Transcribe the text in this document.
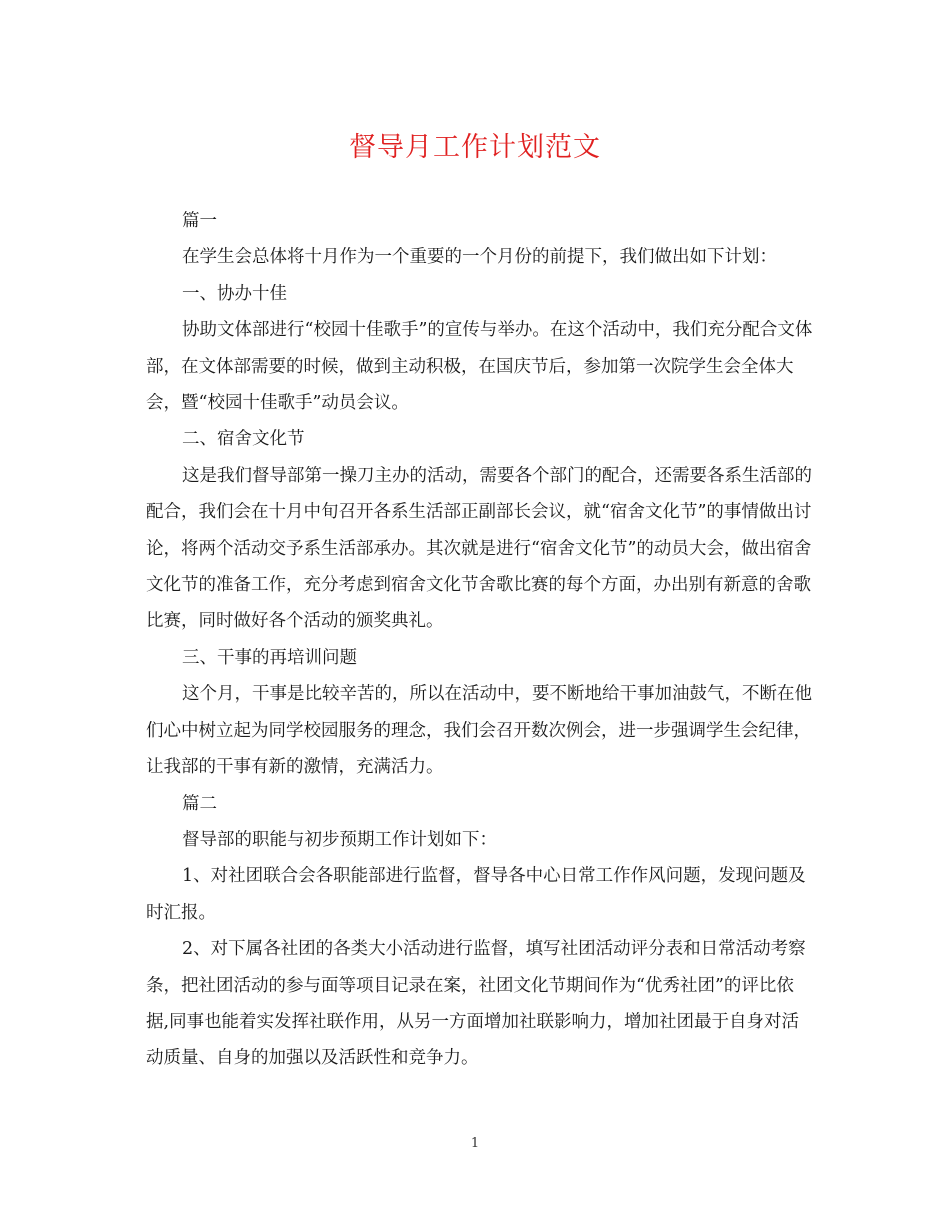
督导月工作计划范文

篇一

在学生会总体将十月作为一个重要的一个月份的前提下，我们做出如下计划：

一、协办十佳

协助文体部进行“校园十佳歌手”的宣传与举办。在这个活动中，我们充分配合文体部，在文体部需要的时候，做到主动积极，在国庆节后，参加第一次院学生会全体大会，暨“校园十佳歌手”动员会议。

二、宿舍文化节

这是我们督导部第一操刀主办的活动，需要各个部门的配合，还需要各系生活部的配合，我们会在十月中旬召开各系生活部正副部长会议，就“宿舍文化节”的事情做出讨论，将两个活动交予系生活部承办。其次就是进行“宿舍文化节”的动员大会，做出宿舍文化节的准备工作，充分考虑到宿舍文化节舍歌比赛的每个方面，办出别有新意的舍歌比赛，同时做好各个活动的颁奖典礼。

三、干事的再培训问题

这个月，干事是比较辛苦的，所以在活动中，要不断地给干事加油鼓气，不断在他们心中树立起为同学校园服务的理念，我们会召开数次例会，进一步强调学生会纪律，让我部的干事有新的激情，充满活力。

篇二

督导部的职能与初步预期工作计划如下：

1、对社团联合会各职能部进行监督，督导各中心日常工作作风问题，发现问题及时汇报。

2、对下属各社团的各类大小活动进行监督，填写社团活动评分表和日常活动考察条，把社团活动的参与面等项目记录在案，社团文化节期间作为“优秀社团”的评比依据,同事也能着实发挥社联作用，从另一方面增加社联影响力，增加社团最于自身对活动质量、自身的加强以及活跃性和竞争力。

1
